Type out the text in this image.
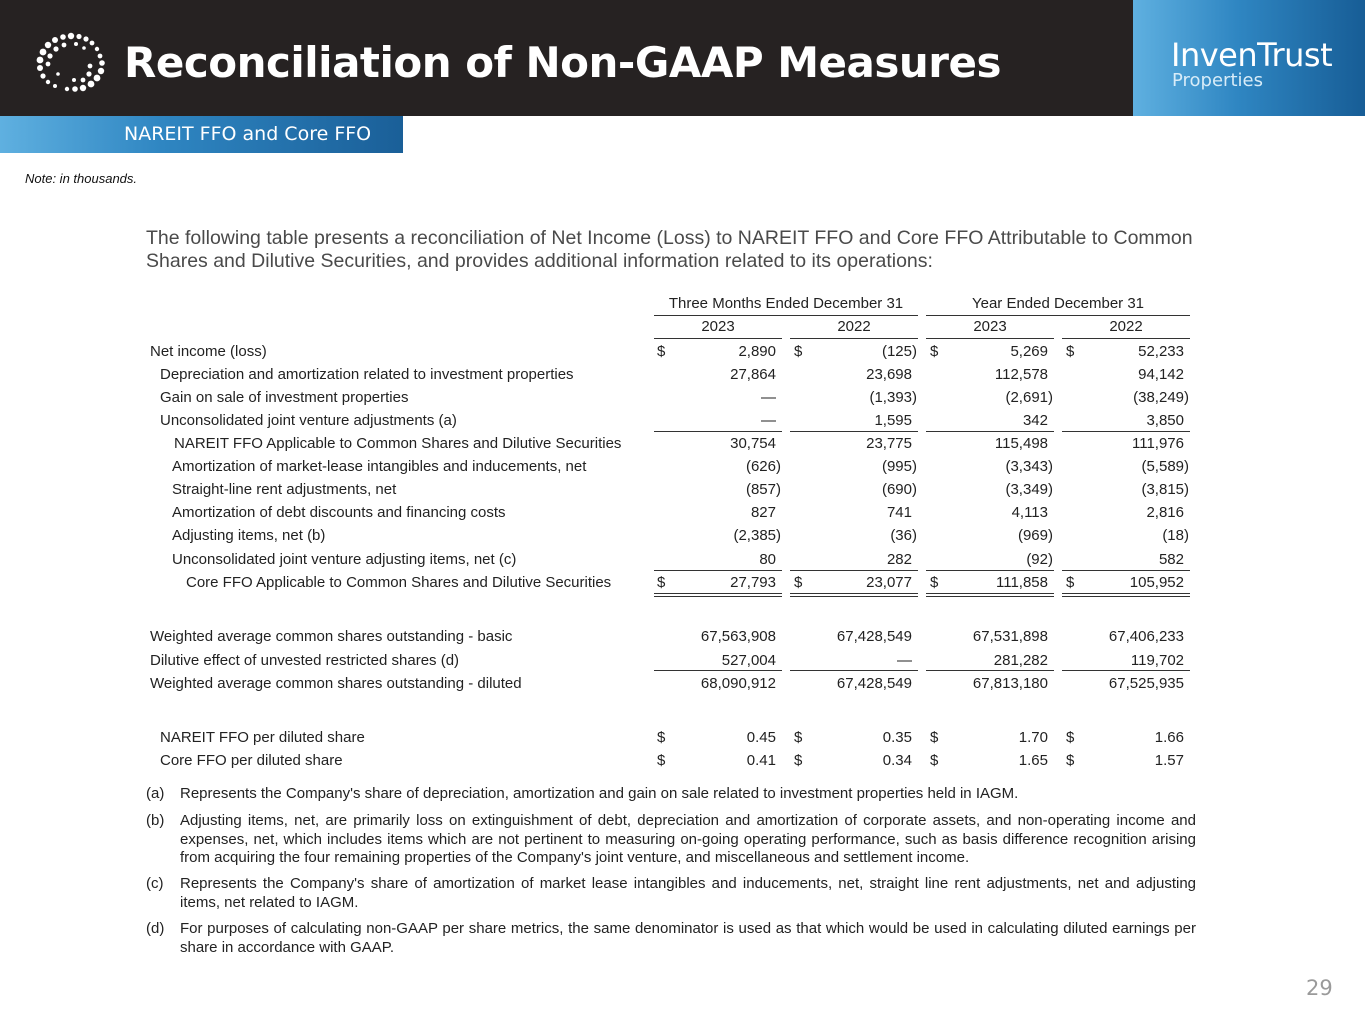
Reconciliation of Non-GAAP Measures	InvenTrust
Properties
NAREIT FFO and Core FFO
Note: in thousands.
The following table presents a reconciliation of Net Income (Loss) to NAREIT FFO and Core FFO Attributable to Common Shares and Dilutive Securities, and provides additional information related to its operations:
Three Months Ended December 31	Year Ended December 31
2023	2022	2023	2022
Net income (loss)	$	2,890 $	(125) $	5,269 $	52,233
Depreciation and amortization related to investment properties	27,864	23,698	112,578	94,142
Gain on sale of investment properties	—	(1,393)	(2,691)	(38,249)
Unconsolidated joint venture adjustments (a)	—	1,595	342	3,850
NAREIT FFO Applicable to Common Shares and Dilutive Securities	30,754	23,775	115,498	111,976
Amortization of market-lease intangibles and inducements, net	(626)	(995)	(3,343)	(5,589)
Straight-line rent adjustments, net	(857)	(690)	(3,349)	(3,815)
Amortization of debt discounts and financing costs	827	741	4,113	2,816
Adjusting items, net (b)	(2,385)	(36)	(969)	(18)
Unconsolidated joint venture adjusting items, net (c)	80	282	(92)	582
Core FFO Applicable to Common Shares and Dilutive Securities	$	27,793 $	23,077 $	111,858 $	105,952
Weighted average common shares outstanding - basic	67,563,908	67,428,549	67,531,898	67,406,233
Dilutive effect of unvested restricted shares (d)	527,004	—	281,282	119,702
Weighted average common shares outstanding - diluted	68,090,912	67,428,549	67,813,180	67,525,935
NAREIT FFO per diluted share	$	0.45 $	0.35 $	1.70 $	1.66
Core FFO per diluted share	$	0.41 $	0.34 $	1.65 $	1.57
(a) Represents the Company's share of depreciation, amortization and gain on sale related to investment properties held in IAGM.
(b) Adjusting items, net, are primarily loss on extinguishment of debt, depreciation and amortization of corporate assets, and non-operating income and expenses, net, which includes items which are not pertinent to measuring on-going operating performance, such as basis difference recognition arising from acquiring the four remaining properties of the Company's joint venture, and miscellaneous and settlement income.
(c) Represents the Company's share of amortization of market lease intangibles and inducements, net, straight line rent adjustments, net and adjusting items, net related to IAGM.
(d) For purposes of calculating non-GAAP per share metrics, the same denominator is used as that which would be used in calculating diluted earnings per share in accordance with GAAP.
29
